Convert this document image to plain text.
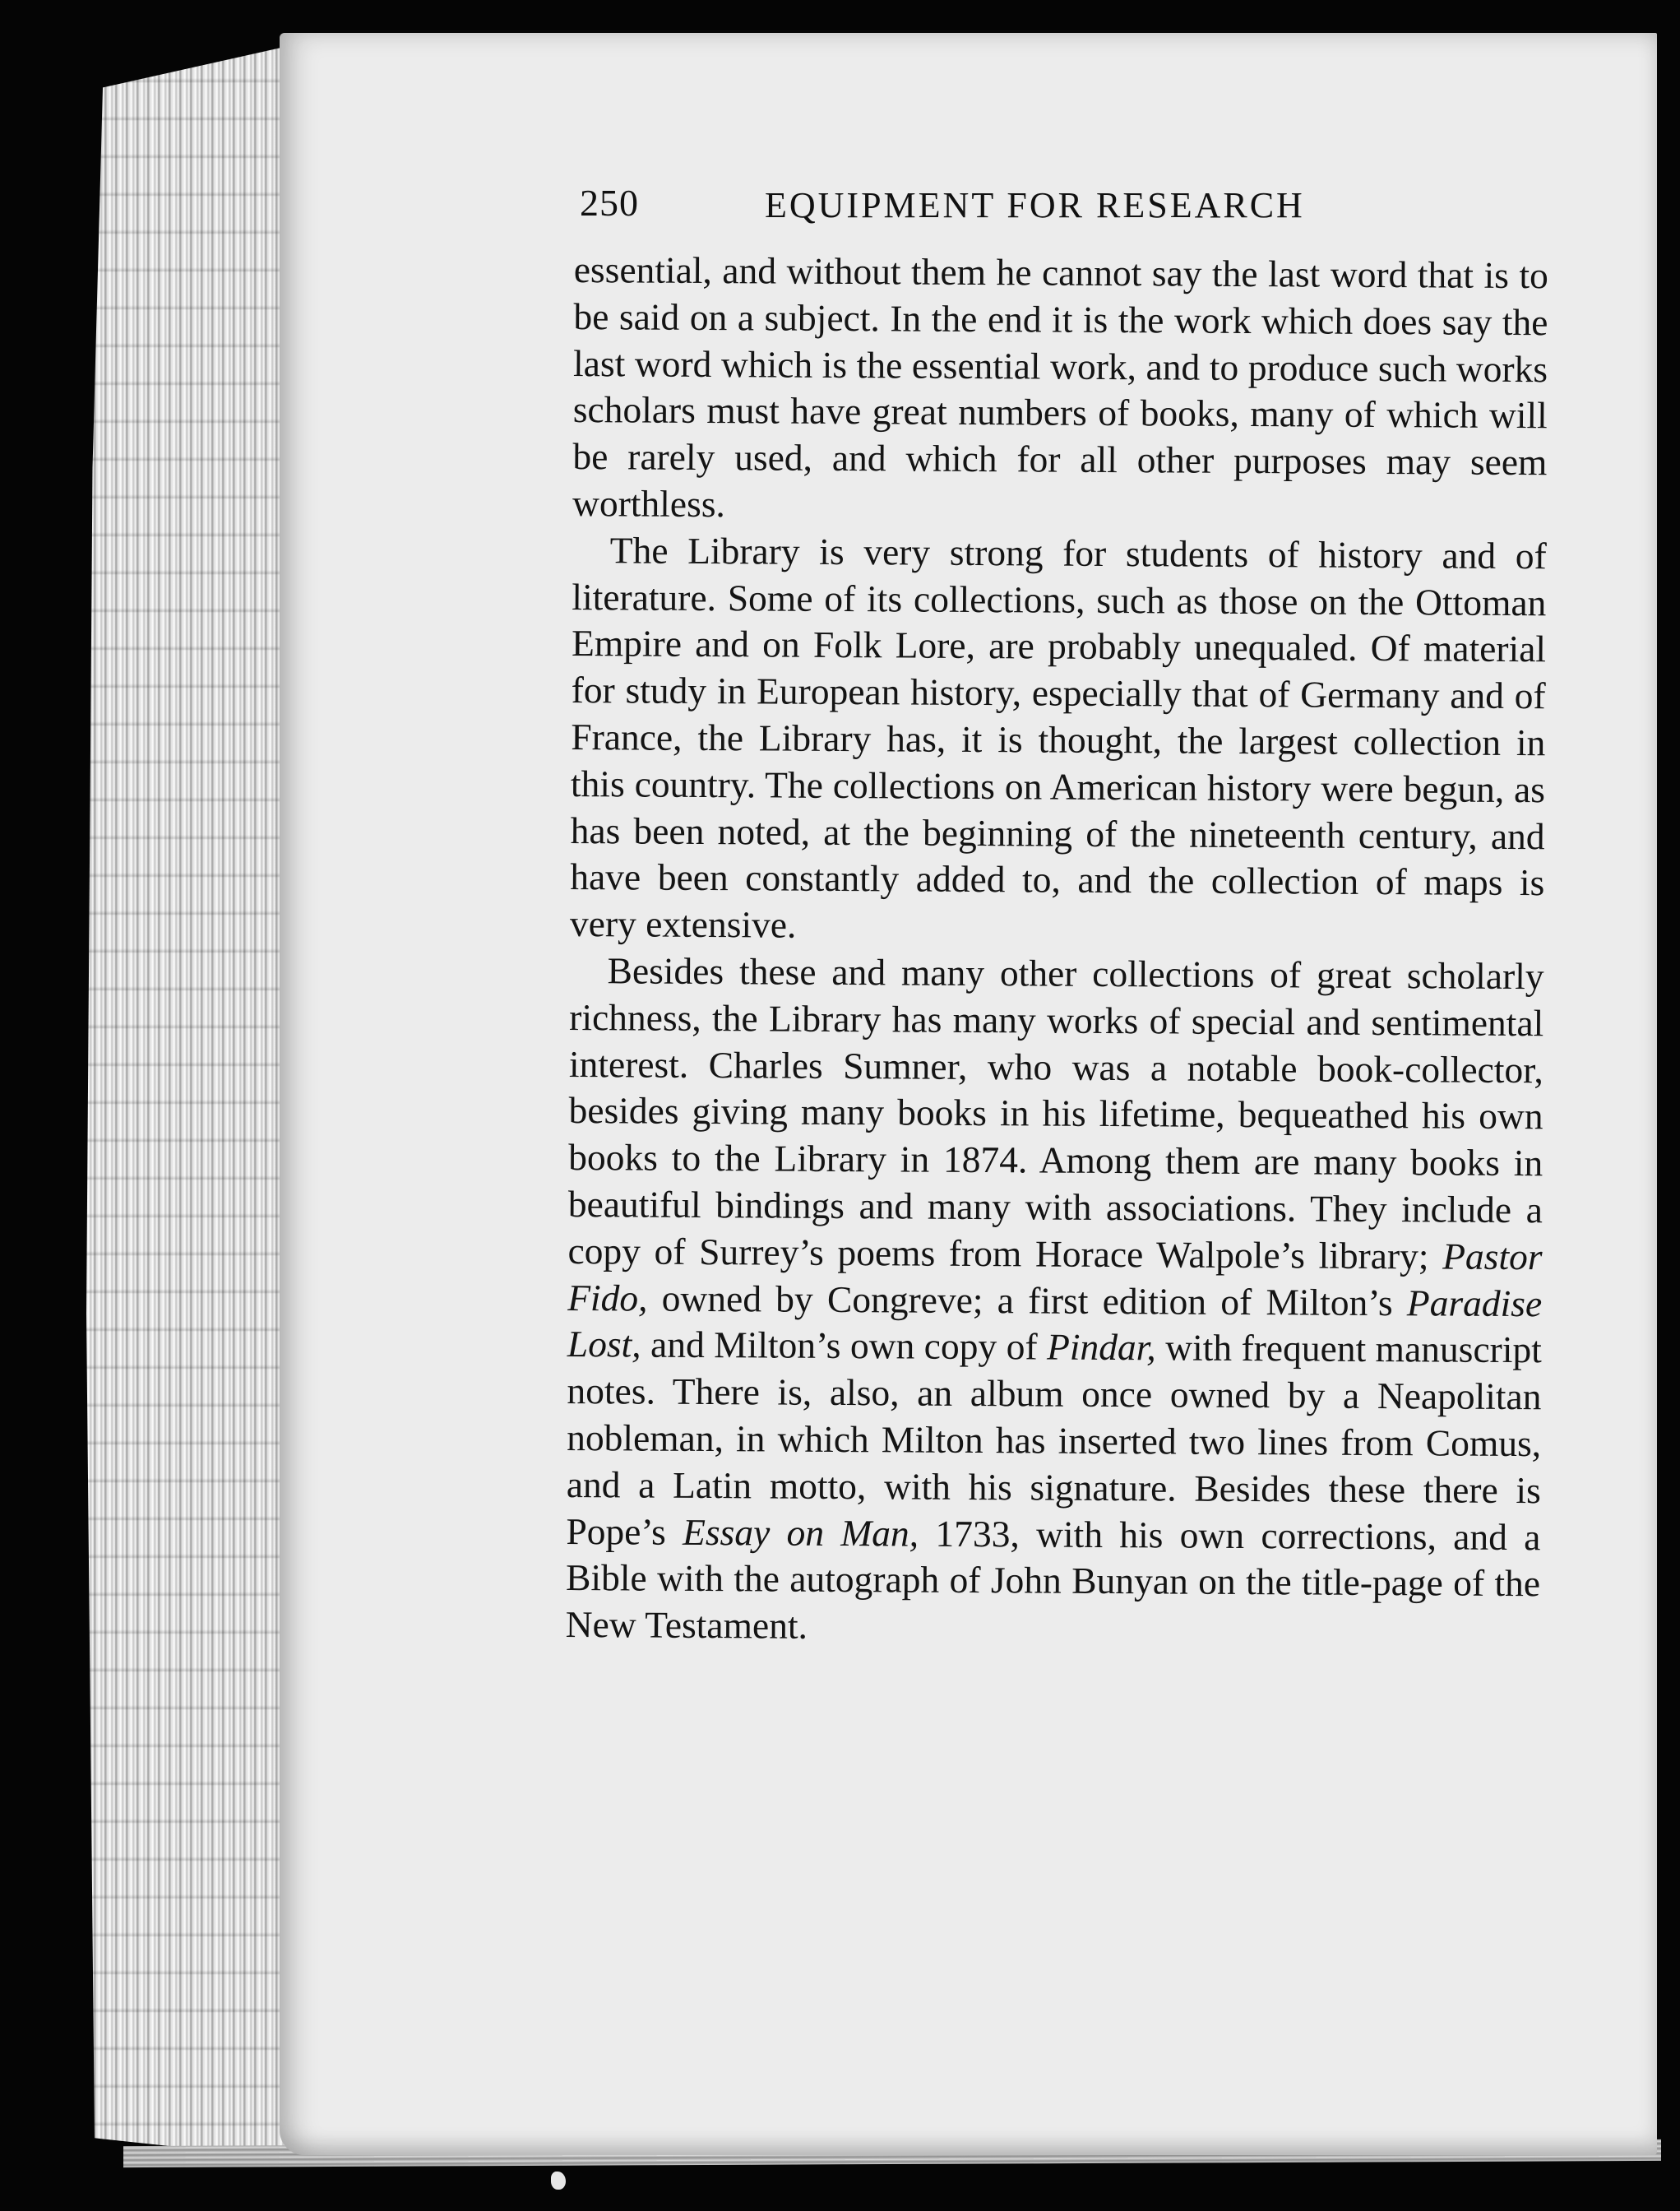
250	EQUIPMENT FOR RESEARCH

essential, and without them he cannot say the last word that is to be said on a subject. In the end it is the work which does say the last word which is the essential work, and to produce such works scholars must have great numbers of books, many of which will be rarely used, and which for all other purposes may seem worthless.

The Library is very strong for students of history and of literature. Some of its collections, such as those on the Ottoman Empire and on Folk Lore, are probably unequaled. Of material for study in European history, especially that of Germany and of France, the Library has, it is thought, the largest collection in this country. The collections on American history were begun, as has been noted, at the beginning of the nineteenth century, and have been constantly added to, and the collection of maps is very extensive.

Besides these and many other collections of great scholarly richness, the Library has many works of special and sentimental interest. Charles Sumner, who was a notable book-collector, besides giving many books in his lifetime, bequeathed his own books to the Library in 1874. Among them are many books in beautiful bindings and many with associations. They include a copy of Surrey’s poems from Horace Walpole’s library; Pastor Fido, owned by Congreve; a first edition of Milton’s Paradise Lost, and Milton’s own copy of Pindar, with frequent manuscript notes. There is, also, an album once owned by a Neapolitan nobleman, in which Milton has inserted two lines from Comus, and a Latin motto, with his signature. Besides these there is Pope’s Essay on Man, 1733, with his own corrections, and a Bible with the autograph of John Bunyan on the title-page of the New Testament.
